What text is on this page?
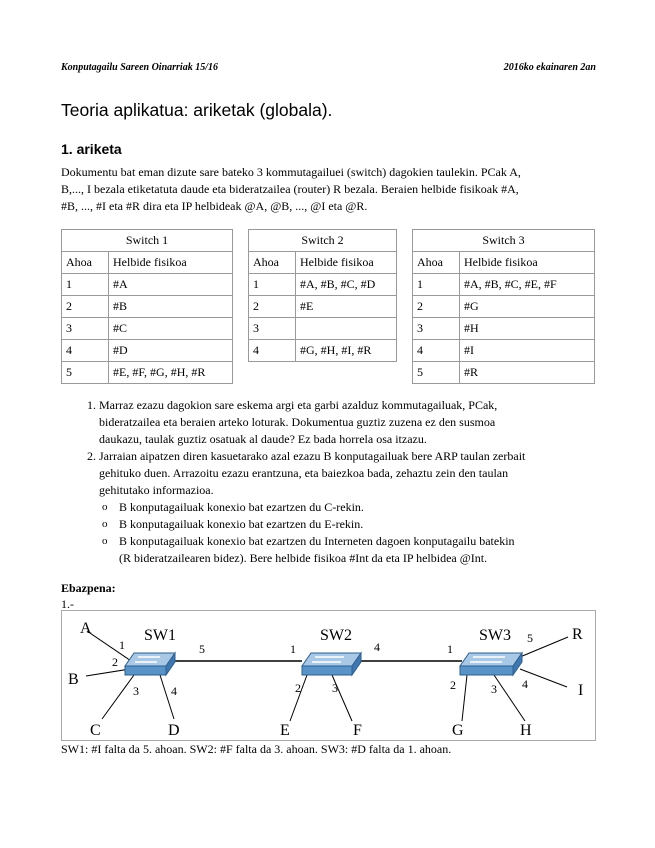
Konputagailu Sareen Oinarriak 15/16	2016ko ekainaren 2an
Teoria aplikatua: ariketak (globala).
1. ariketa

Dokumentu bat eman dizute sare bateko 3 kommutagailuei (switch) dagokien taulekin. PCak A,
B,..., I bezala etiketatuta daude eta bideratzailea (router) R bezala. Beraien helbide fisikoak #A,
#B, ..., #I eta #R dira eta IP helbideak @A, @B, ..., @I eta @R.

Switch 1	
Ahoa	Helbide fisikoa
1	#A
2	#B
3	#C
4	#D
5	#E, #F, #G, #H, #R
Switch 2	
Ahoa	Helbide fisikoa
1	#A, #B, #C, #D
2	#E
3	
4	#G, #H, #I, #R
Switch 3	
Ahoa	Helbide fisikoa
1	#A, #B, #C, #E, #F
2	#G
3	#H
4	#I
5	#R
1. Marraz ezazu dagokion sare eskema argi eta garbi azalduz kommutagailuak, PCak,
bideratzailea eta beraien arteko loturak. Dokumentua guztiz zuzena ez den susmoa
daukazu, taulak guztiz osatuak al daude? Ez bada horrela osa itzazu.
2. Jarraian aipatzen diren kasuetarako azal ezazu B konputagailuak bere ARP taulan zerbait
gehituko duen. Arrazoitu ezazu erantzuna, eta baiezkoa bada, zehaztu zein den taulan
gehitutako informazioa.
o B konputagailuak konexio bat ezartzen du C-rekin.
o B konputagailuak konexio bat ezartzen du E-rekin.
o B konputagailuak konexio bat ezartzen du Interneten dagoen konputagailu batekin
(R bideratzailearen bidez). Bere helbide fisikoa #Int da eta IP helbidea @Int.
Ebazpena:
1.-
SW1	SW2	SW3
A
B
C	D	E	F	G	H
R
I
1
2
3	4
5	1
2	3
4	1
2	3 4
5
SW1: #I falta da 5. ahoan. SW2: #F falta da 3. ahoan. SW3: #D falta da 1. ahoan.
